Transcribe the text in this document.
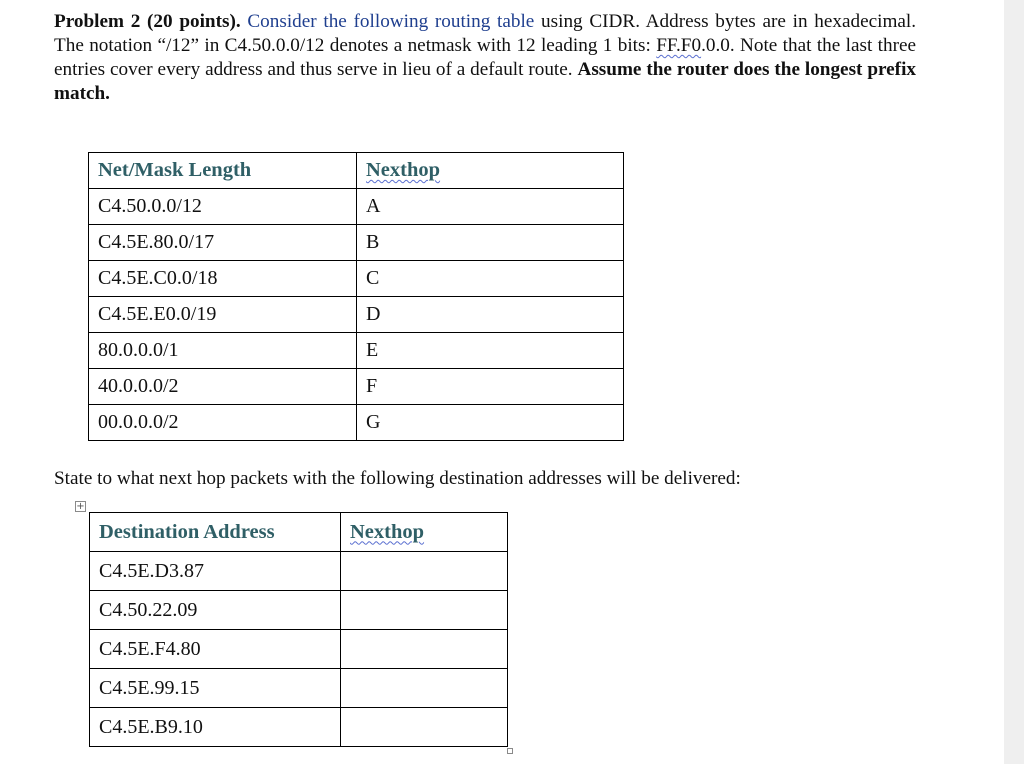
Problem 2 (20 points). Consider the following routing table using CIDR. Address bytes are in hexadecimal. The notation “/12” in C4.50.0.0/12 denotes a netmask with 12 leading 1 bits: FF.F0.0.0. Note that the last three entries cover every address and thus serve in lieu of a default route. Assume the router does the longest prefix match.

Net/Mask Length	Nexthop
C4.50.0.0/12	A
C4.5E.80.0/17	B
C4.5E.C0.0/18	C
C4.5E.E0.0/19	D
80.0.0.0/1	E
40.0.0.0/2	F
00.0.0.0/2	G

State to what next hop packets with the following destination addresses will be delivered:

+
Destination Address	Nexthop
C4.5E.D3.87	
C4.50.22.09	
C4.5E.F4.80	
C4.5E.99.15	
C4.5E.B9.10	
